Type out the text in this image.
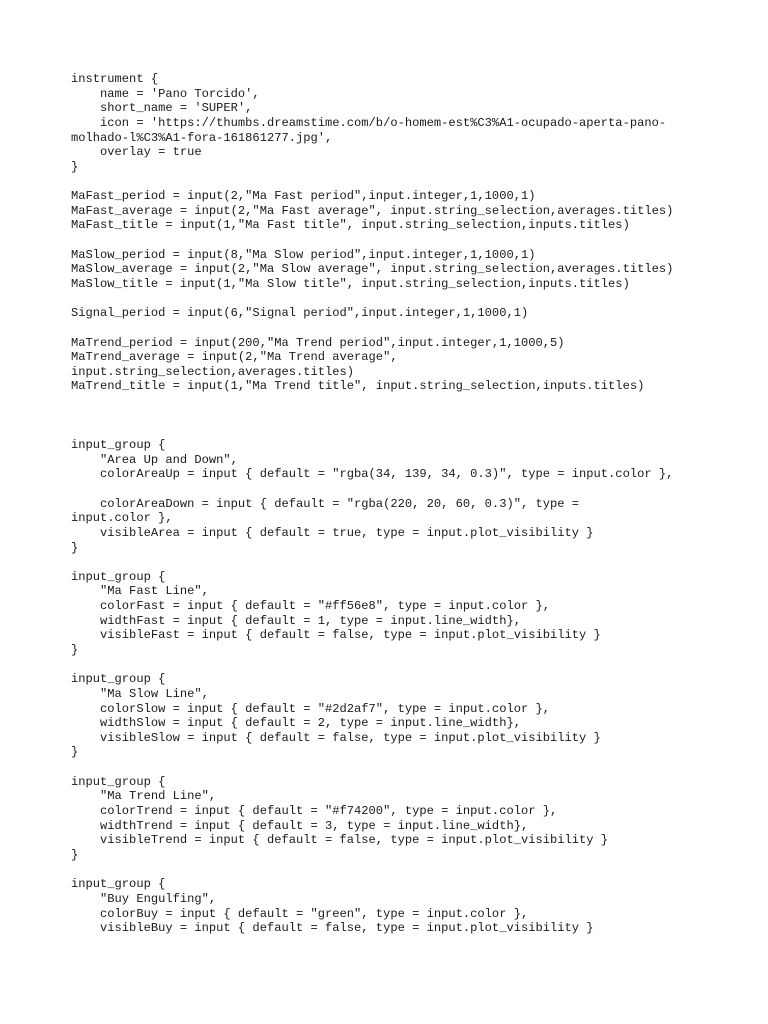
instrument {
name = 'Pano Torcido',
short_name = 'SUPER',
icon = 'https://thumbs.dreamstime.com/b/o-homem-est%C3%A1-ocupado-aperta-pano-
molhado-l%C3%A1-fora-161861277.jpg',
overlay = true
}
MaFast_period = input(2,"Ma Fast period",input.integer,1,1000,1)
MaFast_average = input(2,"Ma Fast average", input.string_selection,averages.titles)
MaFast_title = input(1,"Ma Fast title", input.string_selection,inputs.titles)
MaSlow_period = input(8,"Ma Slow period",input.integer,1,1000,1)
MaSlow_average = input(2,"Ma Slow average", input.string_selection,averages.titles)
MaSlow_title = input(1,"Ma Slow title", input.string_selection,inputs.titles)
Signal_period = input(6,"Signal period",input.integer,1,1000,1)
MaTrend_period = input(200,"Ma Trend period",input.integer,1,1000,5)
MaTrend_average = input(2,"Ma Trend average",
input.string_selection,averages.titles)
MaTrend_title = input(1,"Ma Trend title", input.string_selection,inputs.titles)
input_group {
"Area Up and Down",
colorAreaUp = input { default = "rgba(34, 139, 34, 0.3)", type = input.color },
colorAreaDown = input { default = "rgba(220, 20, 60, 0.3)", type =
input.color },
visibleArea = input { default = true, type = input.plot_visibility }
}
input_group {
"Ma Fast Line",
colorFast = input { default = "#ff56e8", type = input.color },
widthFast = input { default = 1, type = input.line_width},
visibleFast = input { default = false, type = input.plot_visibility }
}
input_group {
"Ma Slow Line",
colorSlow = input { default = "#2d2af7", type = input.color },
widthSlow = input { default = 2, type = input.line_width},
visibleSlow = input { default = false, type = input.plot_visibility }
}
input_group {
"Ma Trend Line",
colorTrend = input { default = "#f74200", type = input.color },
widthTrend = input { default = 3, type = input.line_width},
visibleTrend = input { default = false, type = input.plot_visibility }
}
input_group {
"Buy Engulfing",
colorBuy = input { default = "green", type = input.color },
visibleBuy = input { default = false, type = input.plot_visibility }
